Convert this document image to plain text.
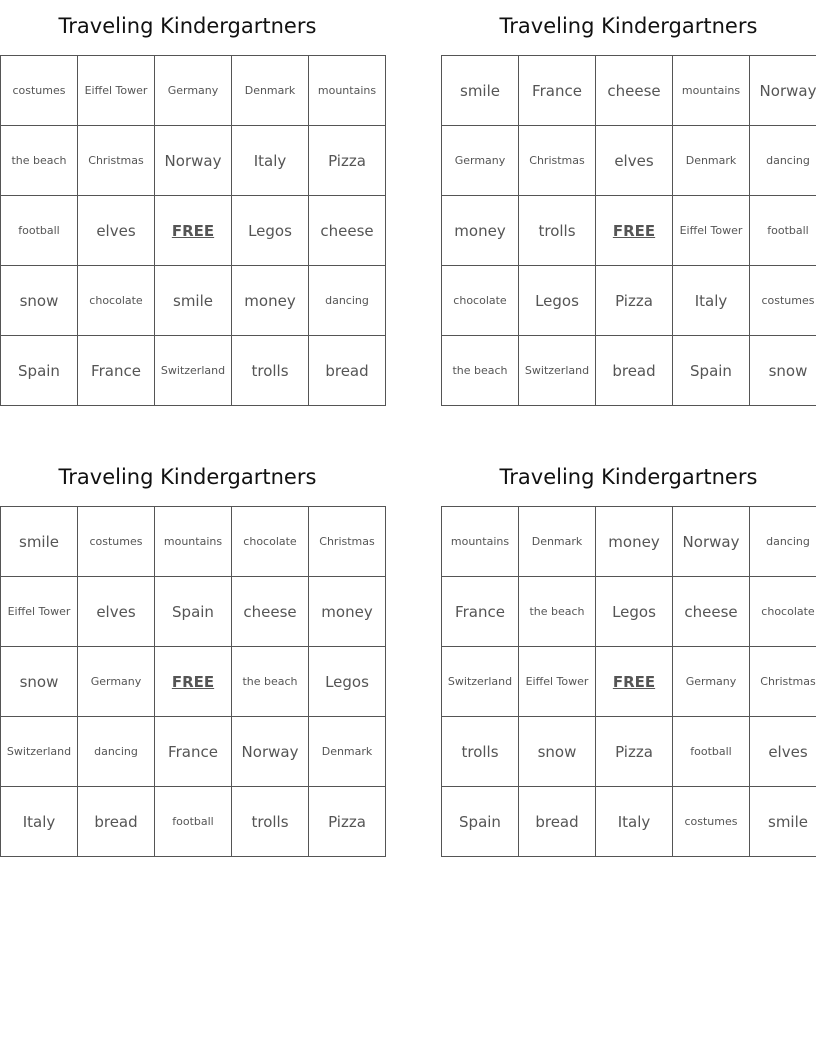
Traveling Kindergartners
costumes	Eiffel Tower	Germany	Denmark	mountains
the beach	Christmas	Norway	Italy	Pizza
football	elves	FREE	Legos	cheese
snow	chocolate	smile	money	dancing
Spain	France	Switzerland	trolls	bread
Traveling Kindergartners
smile	France	cheese	mountains	Norway
Germany	Christmas	elves	Denmark	dancing
money	trolls	FREE	Eiffel Tower	football
chocolate	Legos	Pizza	Italy	costumes
the beach	Switzerland	bread	Spain	snow
Traveling Kindergartners
smile	costumes	mountains	chocolate	Christmas
Eiffel Tower	elves	Spain	cheese	money
snow	Germany	FREE	the beach	Legos
Switzerland	dancing	France	Norway	Denmark
Italy	bread	football	trolls	Pizza
Traveling Kindergartners
mountains	Denmark	money	Norway	dancing
France	the beach	Legos	cheese	chocolate
Switzerland	Eiffel Tower	FREE	Germany	Christmas
trolls	snow	Pizza	football	elves
Spain	bread	Italy	costumes	smile
